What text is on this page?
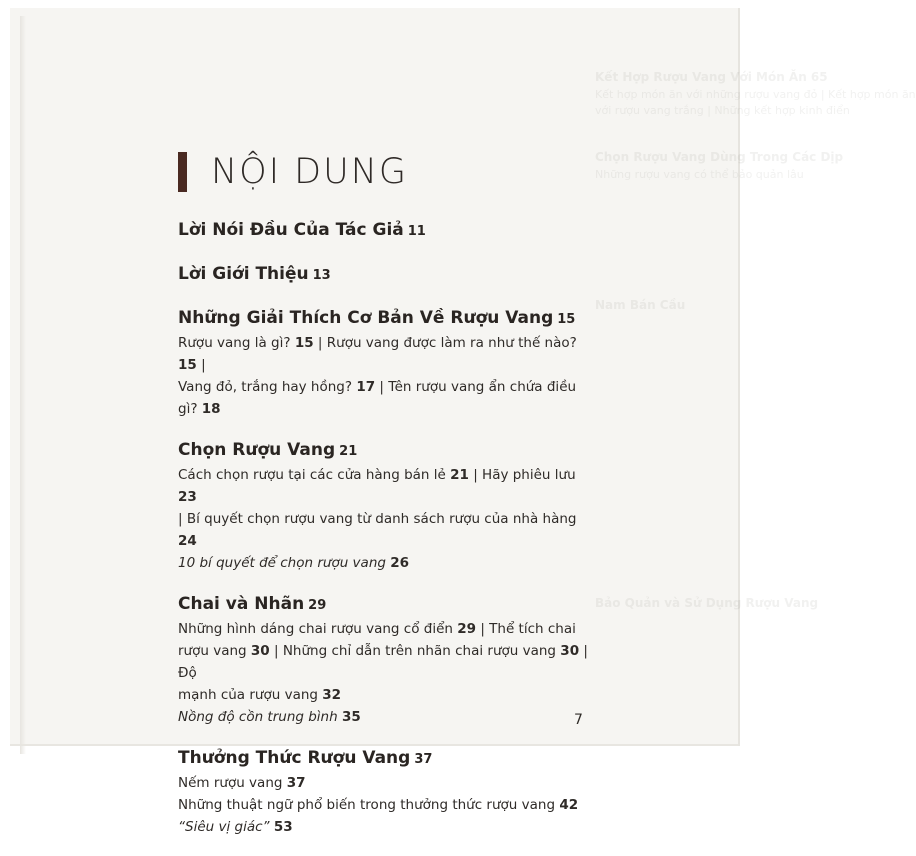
Kết Hợp Rượu Vang Với Món Ăn 65
Kết hợp món ăn với những rượu vang đỏ | Kết hợp món ăn
với rượu vang trắng | Những kết hợp kinh điển
Chọn Rượu Vang Dùng Trong Các Dịp
Những rượu vang có thể bảo quản lâu
Nam Bán Cầu
Bảo Quản và Sử Dụng Rượu Vang
NỘI DUNG
Lời Nói Đầu Của Tác Giả 11
Lời Giới Thiệu 13
Những Giải Thích Cơ Bản Về Rượu Vang 15
Rượu vang là gì? 15 | Rượu vang được làm ra như thế nào? 15 |
Vang đỏ, trắng hay hồng? 17 | Tên rượu vang ẩn chứa điều gì? 18
Chọn Rượu Vang 21
Cách chọn rượu tại các cửa hàng bán lẻ 21 | Hãy phiêu lưu 23
| Bí quyết chọn rượu vang từ danh sách rượu của nhà hàng 24
10 bí quyết để chọn rượu vang 26
Chai và Nhãn 29
Những hình dáng chai rượu vang cổ điển 29 | Thể tích chai
rượu vang 30 | Những chỉ dẫn trên nhãn chai rượu vang 30 | Độ
mạnh của rượu vang 32
Nồng độ cồn trung bình 35
Thưởng Thức Rượu Vang 37
Nếm rượu vang 37
Những thuật ngữ phổ biến trong thưởng thức rượu vang 42
“Siêu vị giác” 53
7
